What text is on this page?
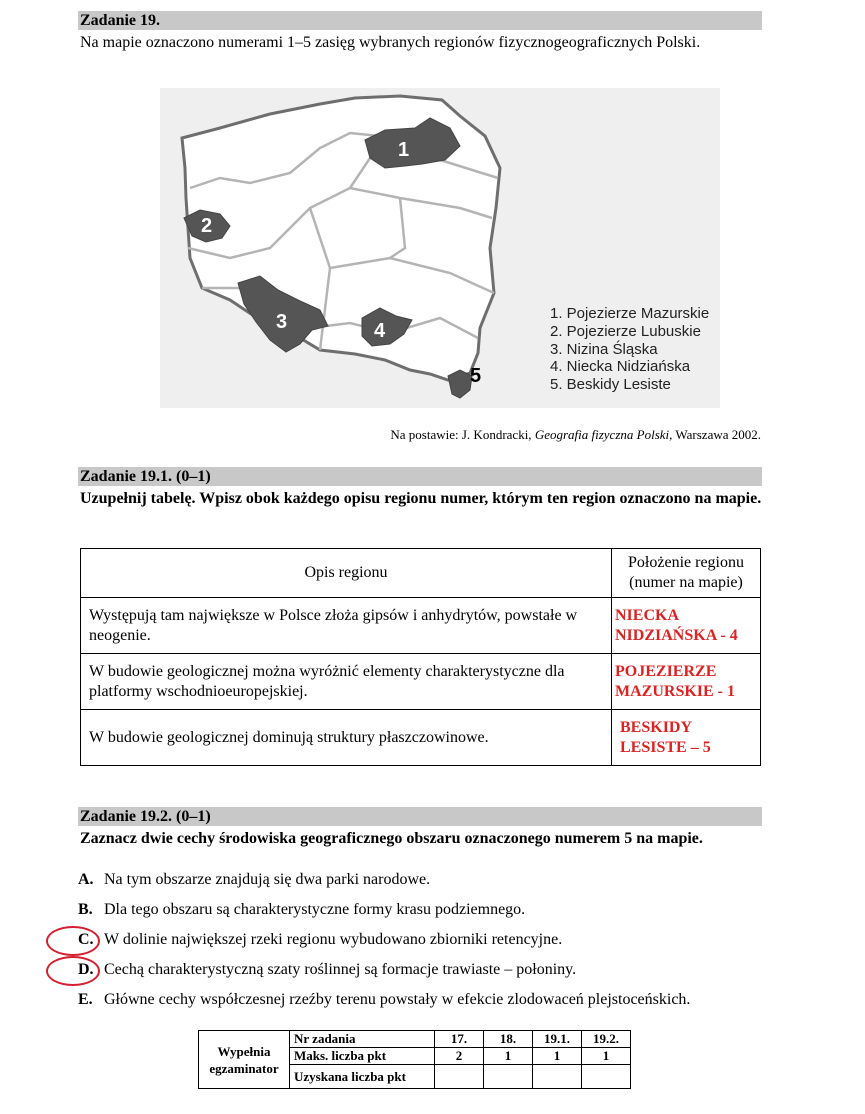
Zadanie 19.
Na mapie oznaczono numerami 1–5 zasięg wybranych regionów fizycznogeograficznych Polski.
1
2
3	4
5
1. Pojezierze Mazurskie
2. Pojezierze Lubuskie
3. Nizina Śląska
4. Niecka Nidziańska
5. Beskidy Lesiste
Na postawie: J. Kondracki, Geografia fizyczna Polski, Warszawa 2002.
Zadanie 19.1. (0–1)
Uzupełnij tabelę. Wpisz obok każdego opisu regionu numer, którym ten region oznaczono na mapie.
Opis regionu	Położenie regionu (numer na mapie)
Występują tam największe w Polsce złoża gipsów i anhydrytów, powstałe w neogenie.	NIECKA NIDZIAŃSKA - 4
W budowie geologicznej można wyróżnić elementy charakterystyczne dla platformy wschodnioeuropejskiej.	POJEZIERZE MAZURSKIE - 1
W budowie geologicznej dominują struktury płaszczowinowe.	BESKIDY LESISTE – 5
Zadanie 19.2. (0–1)
Zaznacz dwie cechy środowiska geograficznego obszaru oznaczonego numerem 5 na mapie.
A. Na tym obszarze znajdują się dwa parki narodowe.
B. Dla tego obszaru są charakterystyczne formy krasu podziemnego.
C. W dolinie największej rzeki regionu wybudowano zbiorniki retencyjne.
D. Cechą charakterystyczną szaty roślinnej są formacje trawiaste – połoniny.
E. Główne cechy współczesnej rzeźby terenu powstały w efekcie zlodowaceń plejstoceńskich.
Wypełnia egzaminator	Nr zadania	17.	18.	19.1.	19.2.
	Maks. liczba pkt	2	1	1	1
	Uzyskana liczba pkt				
